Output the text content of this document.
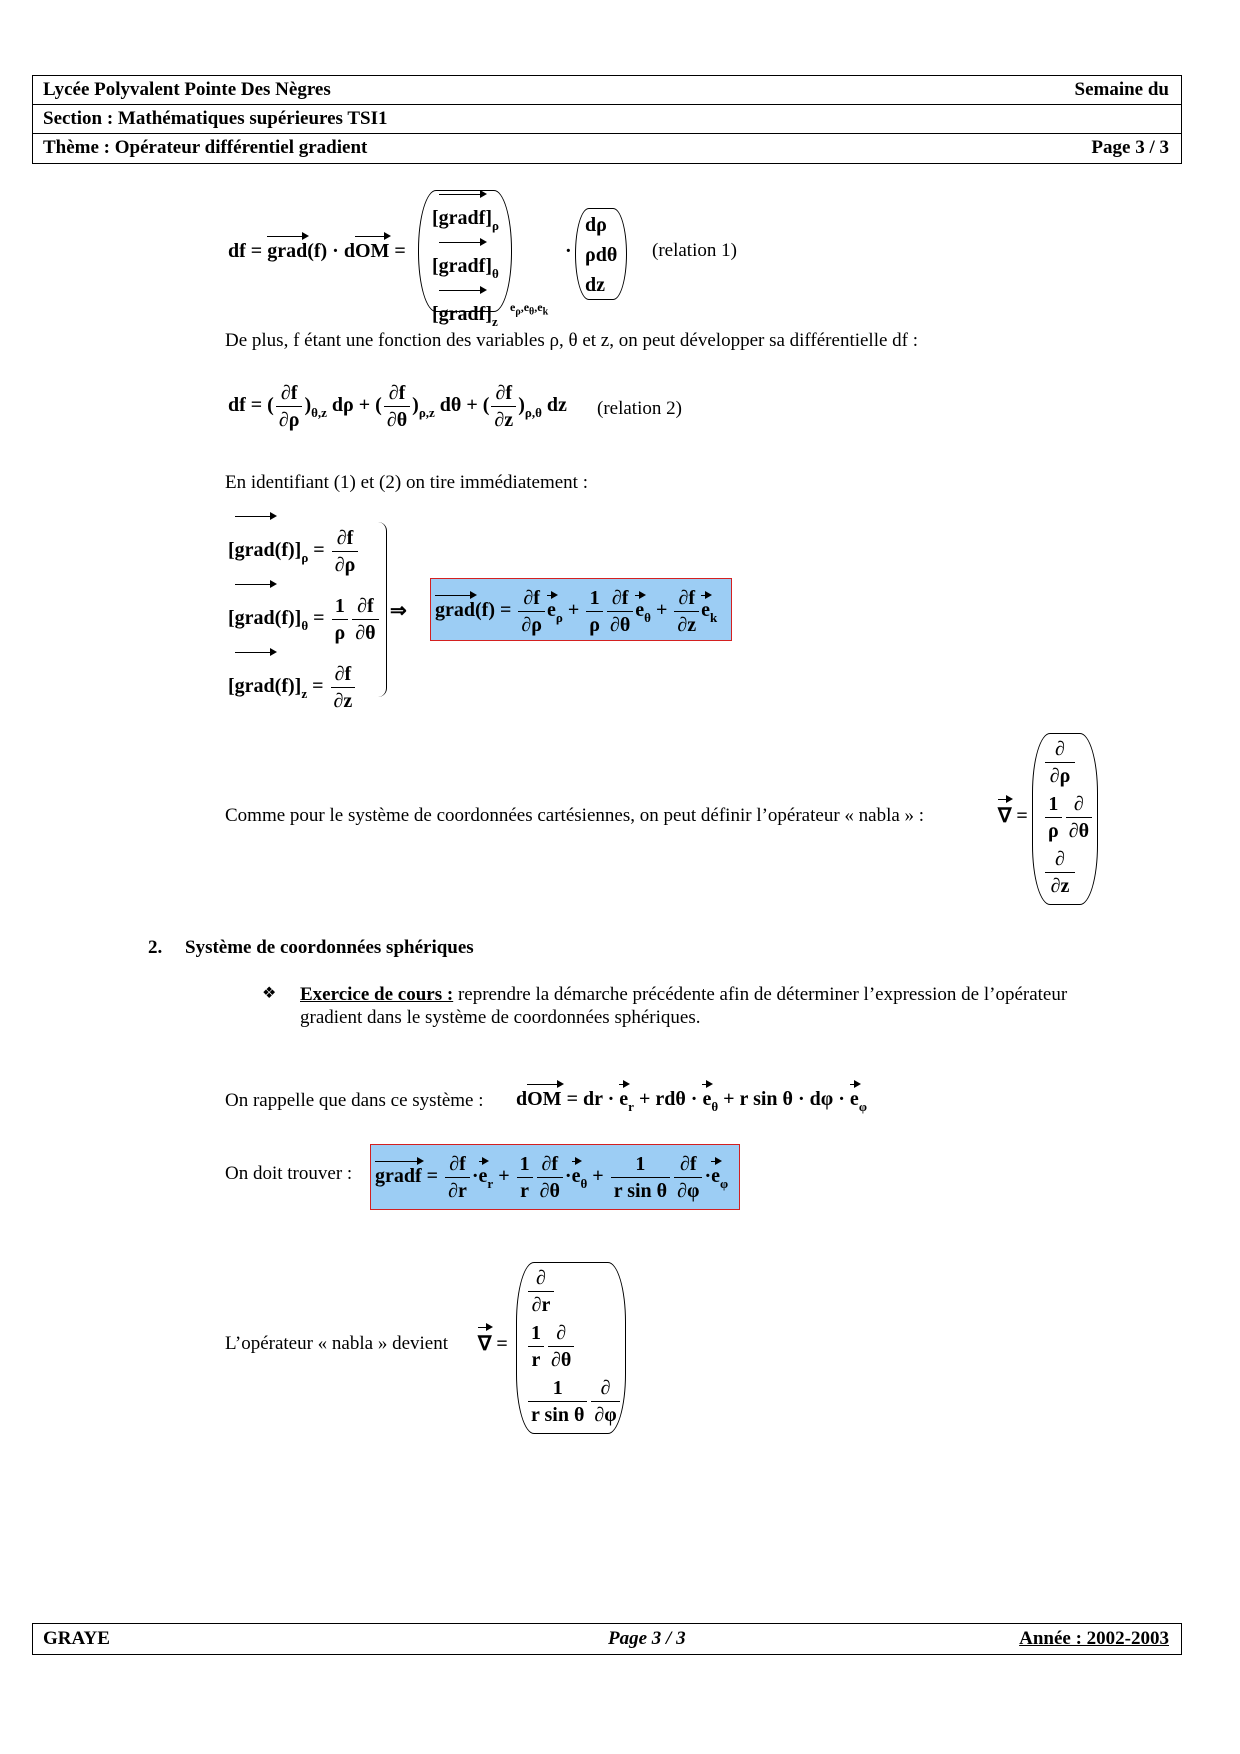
Lycée Polyvalent Pointe Des Nègres	Semaine du
Section : Mathématiques supérieures TSI1
Thème : Opérateur différentiel gradient	Page 3 / 3
df = grad(f) · dOM =
$[gradf]_\rho$
$[gradf]_\theta$
$[gradf]_z$
$e_\rho,e_\theta,e_k$
·
dρ
ρdθ
dz
(relation 1)
De plus, f étant une fonction des variables ρ, θ et z, on peut développer sa différentielle df :
df = ( $\frac{\partial f}{\partial\rho} )_{\theta,z}$ dρ + ( $\frac{\partial f}{\partial\theta} )_{\rho,z}$ dθ + ( $\frac{\partial f}{\partial z} )_{\rho,\theta}$ dz (relation 2)
En identifiant (1) et (2) on tire immédiatement :
$[grad(f)]_\rho = \frac{\partial f}{\partial\rho}$

$[grad(f)]_\theta = \frac{1}{\rho} \frac{\partial f}{\partial\theta}$

$[grad(f)]_z = \frac{\partial f}{\partial z}$
⇒ grad(f) = $\frac{\partial f}{\partial\rho} e_\rho + \frac{1}{\rho} \frac{\partial f}{\partial\theta} e_\theta + \frac{\partial f}{\partial z} e_k$
Comme pour le système de coordonnées cartésiennes, on peut définir l’opérateur « nabla » :	∇ =
∂
∂ρ
$\frac{1}{\rho}$ ∂
∂θ
∂
∂z
2. Système de coordonnées sphériques
❖ Exercice de cours : reprendre la démarche précédente afin de déterminer l’expression de l’opérateur
gradient dans le système de coordonnées sphériques.
On rappelle que dans ce système : dOM = dr · $e_r + rd\theta \cdot e_\theta + r$ $\sin \theta \cdot d\varphi \cdot e_\varphi$
On doit trouver : gradf = $\frac{\partial f}{\partial r} \cdot e_r + \frac{1}{r} \frac{\partial f}{\partial\theta} \cdot e_\theta + \frac{1}{\text{r sin θ}} \frac{\partial f}{\partial\varphi} \cdot e_\varphi$
L’opérateur « nabla » devient ∇ =
∂
∂r
$\frac{1}{r}$ ∂
∂θ
$\frac{1}{\text{r sin θ}}$ ∂
∂φ
GRAYE	Page 3 / 3	Année : 2002-2003
